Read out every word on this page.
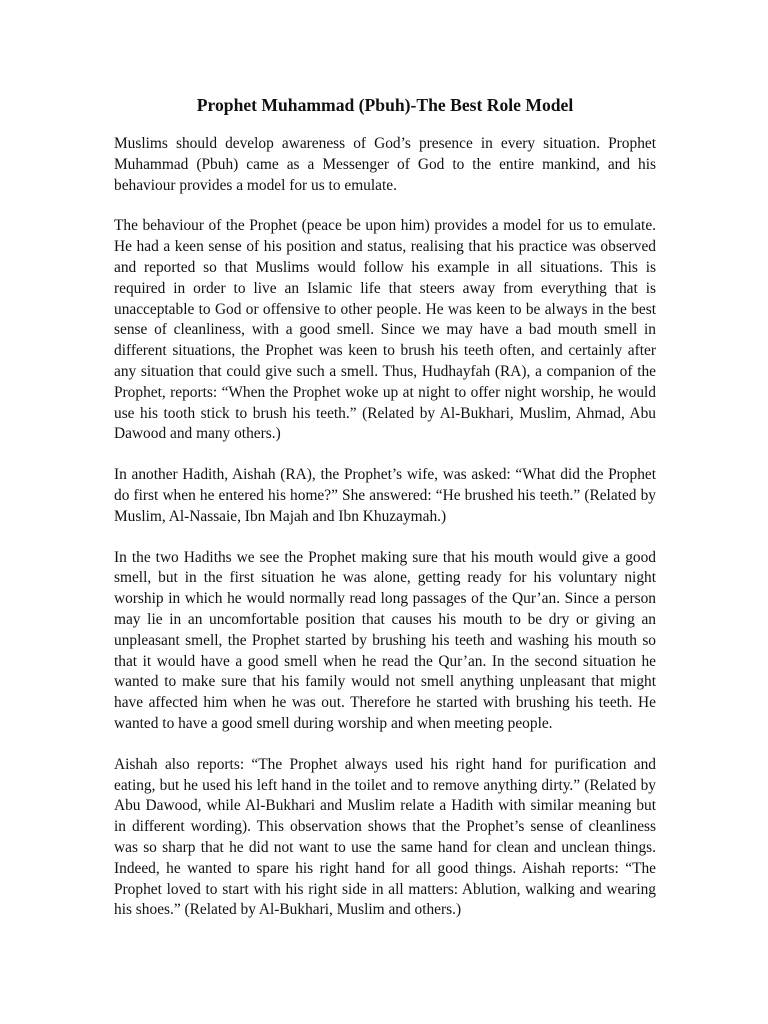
Prophet Muhammad (Pbuh)-The Best Role Model

Muslims should develop awareness of God’s presence in every situation. Prophet Muhammad (Pbuh) came as a Messenger of God to the entire mankind, and his behaviour provides a model for us to emulate.

The behaviour of the Prophet (peace be upon him) provides a model for us to emulate. He had a keen sense of his position and status, realising that his practice was observed and reported so that Muslims would follow his example in all situations. This is required in order to live an Islamic life that steers away from everything that is unacceptable to God or offensive to other people. He was keen to be always in the best sense of cleanliness, with a good smell. Since we may have a bad mouth smell in different situations, the Prophet was keen to brush his teeth often, and certainly after any situation that could give such a smell. Thus, Hudhayfah (RA), a companion of the Prophet, reports: “When the Prophet woke up at night to offer night worship, he would use his tooth stick to brush his teeth.” (Related by Al-Bukhari, Muslim, Ahmad, Abu Dawood and many others.)

In another Hadith, Aishah (RA), the Prophet’s wife, was asked: “What did the Prophet do first when he entered his home?” She answered: “He brushed his teeth.” (Related by Muslim, Al-Nassaie, Ibn Majah and Ibn Khuzaymah.)

In the two Hadiths we see the Prophet making sure that his mouth would give a good smell, but in the first situation he was alone, getting ready for his voluntary night worship in which he would normally read long passages of the Qur’an. Since a person may lie in an uncomfortable position that causes his mouth to be dry or giving an unpleasant smell, the Prophet started by brushing his teeth and washing his mouth so that it would have a good smell when he read the Qur’an. In the second situation he wanted to make sure that his family would not smell anything unpleasant that might have affected him when he was out. Therefore he started with brushing his teeth. He wanted to have a good smell during worship and when meeting people.

Aishah also reports: “The Prophet always used his right hand for purification and eating, but he used his left hand in the toilet and to remove anything dirty.” (Related by Abu Dawood, while Al-Bukhari and Muslim relate a Hadith with similar meaning but in different wording). This observation shows that the Prophet’s sense of cleanliness was so sharp that he did not want to use the same hand for clean and unclean things. Indeed, he wanted to spare his right hand for all good things. Aishah reports: “The Prophet loved to start with his right side in all matters: Ablution, walking and wearing his shoes.” (Related by Al-Bukhari, Muslim and others.)
